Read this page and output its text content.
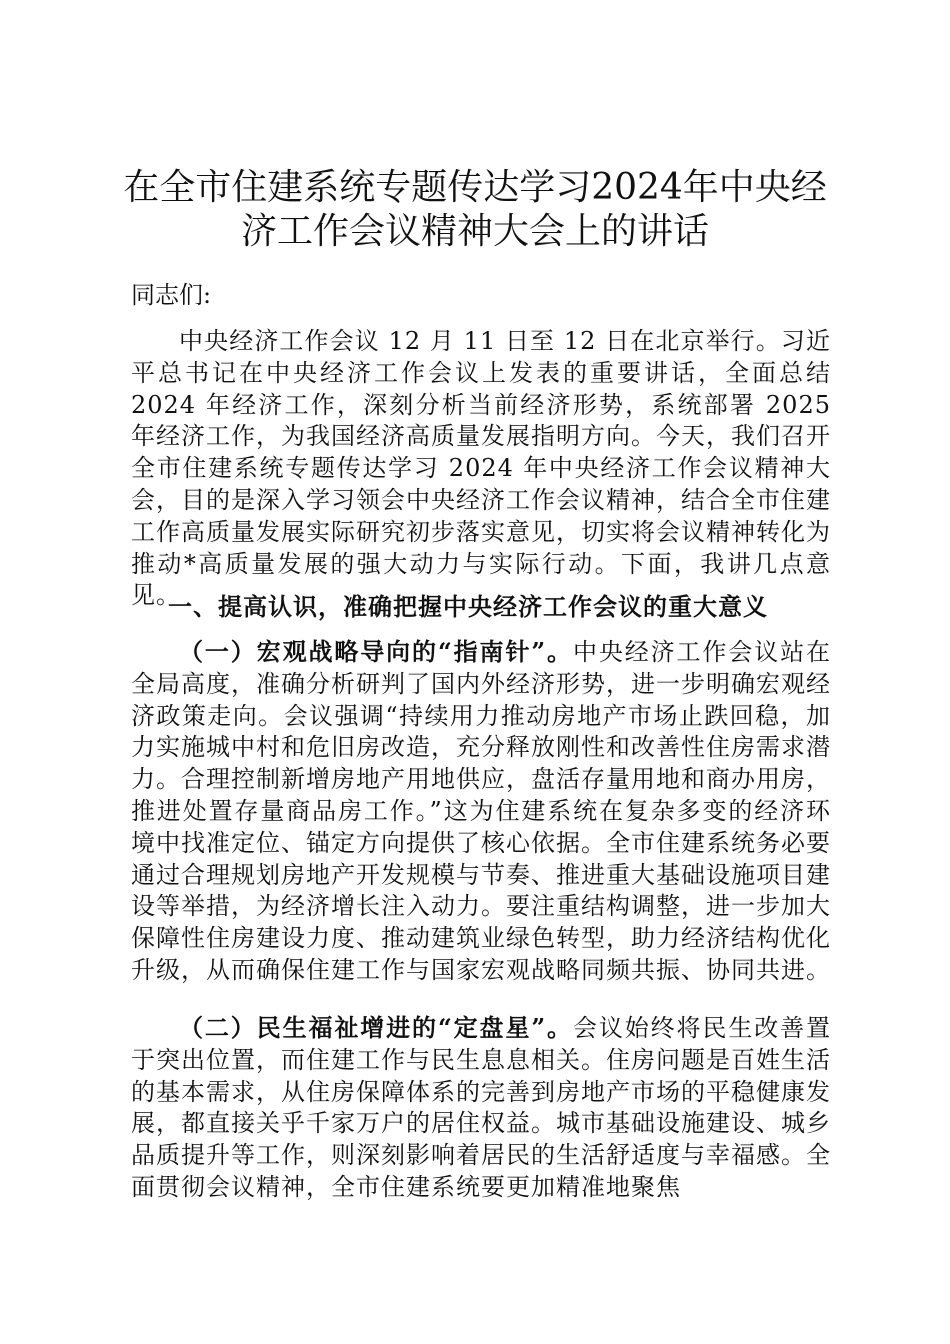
在全市住建系统专题传达学习2024年中央经
济工作会议精神大会上的讲话

同志们:

中央经济工作会议 12 月 11 日至 12 日在北京举行。习近平总书记在中央经济工作会议上发表的重要讲话，全面总结 2024 年经济工作，深刻分析当前经济形势，系统部署 2025 年经济工作，为我国经济高质量发展指明方向。今天，我们召开全市住建系统专题传达学习 2024 年中央经济工作会议精神大会，目的是深入学习领会中央经济工作会议精神，结合全市住建工作高质量发展实际研究初步落实意见，切实将会议精神转化为推动*高质量发展的强大动力与实际行动。下面，我讲几点意见。

一、提高认识，准确把握中央经济工作会议的重大意义

（一）宏观战略导向的“指南针”。中央经济工作会议站在全局高度，准确分析研判了国内外经济形势，进一步明确宏观经济政策走向。会议强调“持续用力推动房地产市场止跌回稳，加力实施城中村和危旧房改造，充分释放刚性和改善性住房需求潜力。合理控制新增房地产用地供应，盘活存量用地和商办用房，推进处置存量商品房工作。”这为住建系统在复杂多变的经济环境中找准定位、锚定方向提供了核心依据。全市住建系统务必要通过合理规划房地产开发规模与节奏、推进重大基础设施项目建设等举措，为经济增长注入动力。要注重结构调整，进一步加大保障性住房建设力度、推动建筑业绿色转型，助力经济结构优化升级，从而确保住建工作与国家宏观战略同频共振、协同共进。

（二）民生福祉增进的“定盘星”。会议始终将民生改善置于突出位置，而住建工作与民生息息相关。住房问题是百姓生活的基本需求，从住房保障体系的完善到房地产市场的平稳健康发展，都直接关乎千家万户的居住权益。城市基础设施建设、城乡品质提升等工作，则深刻影响着居民的生活舒适度与幸福感。全面贯彻会议精神，全市住建系统要更加精准地聚焦
